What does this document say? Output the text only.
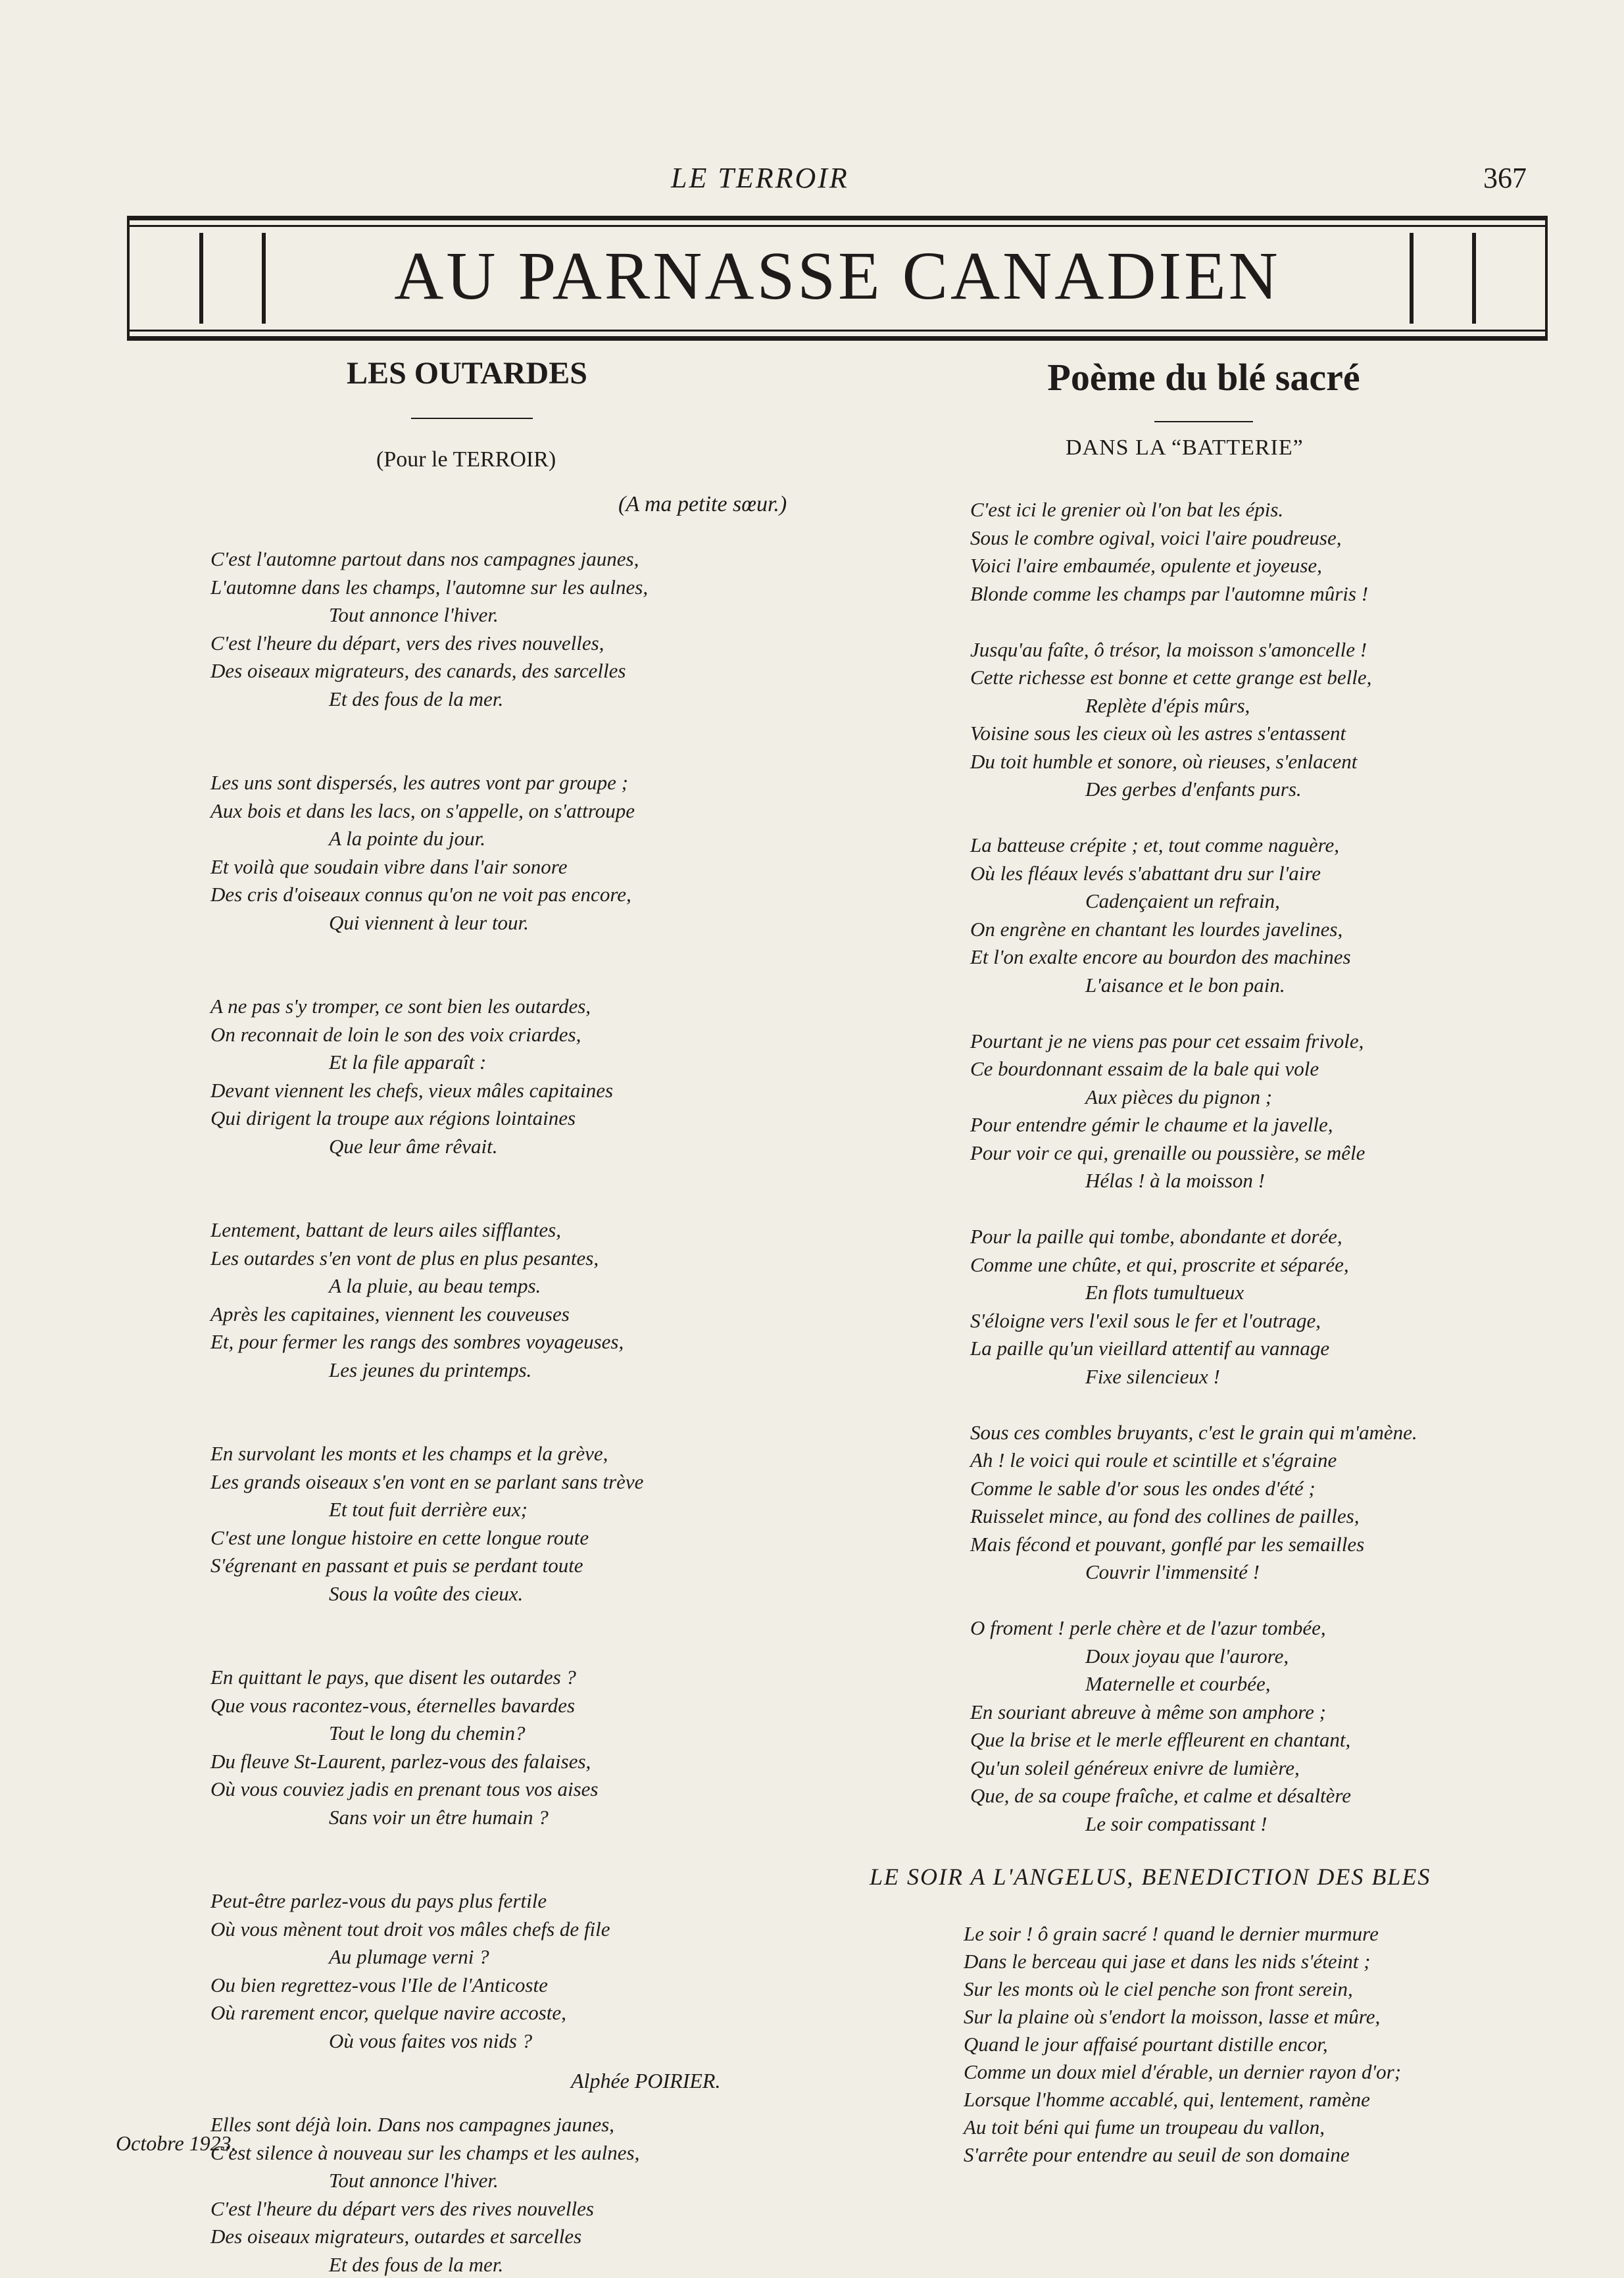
LE TERROIR	367
AU PARNASSE CANADIEN
LES OUTARDES
(Pour le TERROIR)
(A ma petite sœur.)
C'est l'automne partout dans nos campagnes jaunes,
L'automne dans les champs, l'automne sur les aulnes,
Tout annonce l'hiver.
C'est l'heure du départ, vers des rives nouvelles,
Des oiseaux migrateurs, des canards, des sarcelles
Et des fous de la mer.
Les uns sont dispersés, les autres vont par groupe ;
Aux bois et dans les lacs, on s'appelle, on s'attroupe
A la pointe du jour.
Et voilà que soudain vibre dans l'air sonore
Des cris d'oiseaux connus qu'on ne voit pas encore,
Qui viennent à leur tour.
A ne pas s'y tromper, ce sont bien les outardes,
On reconnait de loin le son des voix criardes,
Et la file apparaît :
Devant viennent les chefs, vieux mâles capitaines
Qui dirigent la troupe aux régions lointaines
Que leur âme rêvait.
Lentement, battant de leurs ailes sifflantes,
Les outardes s'en vont de plus en plus pesantes,
A la pluie, au beau temps.
Après les capitaines, viennent les couveuses
Et, pour fermer les rangs des sombres voyageuses,
Les jeunes du printemps.
En survolant les monts et les champs et la grève,
Les grands oiseaux s'en vont en se parlant sans trève
Et tout fuit derrière eux;
C'est une longue histoire en cette longue route
S'égrenant en passant et puis se perdant toute
Sous la voûte des cieux.
En quittant le pays, que disent les outardes ?
Que vous racontez-vous, éternelles bavardes
Tout le long du chemin?
Du fleuve St-Laurent, parlez-vous des falaises,
Où vous couviez jadis en prenant tous vos aises
Sans voir un être humain ?
Peut-être parlez-vous du pays plus fertile
Où vous mènent tout droit vos mâles chefs de file
Au plumage verni ?
Ou bien regrettez-vous l'Ile de l'Anticoste
Où rarement encor, quelque navire accoste,
Où vous faites vos nids ?
Elles sont déjà loin. Dans nos campagnes jaunes,
C'est silence à nouveau sur les champs et les aulnes,
Tout annonce l'hiver.
C'est l'heure du départ vers des rives nouvelles
Des oiseaux migrateurs, outardes et sarcelles
Et des fous de la mer.
Alphée POIRIER.
Octobre 1923.
Poème du blé sacré
DANS LA “BATTERIE”
C'est ici le grenier où l'on bat les épis.
Sous le combre ogival, voici l'aire poudreuse,
Voici l'aire embaumée, opulente et joyeuse,
Blonde comme les champs par l'automne mûris !
Jusqu'au faîte, ô trésor, la moisson s'amoncelle !
Cette richesse est bonne et cette grange est belle,
Replète d'épis mûrs,
Voisine sous les cieux où les astres s'entassent
Du toit humble et sonore, où rieuses, s'enlacent
Des gerbes d'enfants purs.
La batteuse crépite ; et, tout comme naguère,
Où les fléaux levés s'abattant dru sur l'aire
Cadençaient un refrain,
On engrène en chantant les lourdes javelines,
Et l'on exalte encore au bourdon des machines
L'aisance et le bon pain.
Pourtant je ne viens pas pour cet essaim frivole,
Ce bourdonnant essaim de la bale qui vole
Aux pièces du pignon ;
Pour entendre gémir le chaume et la javelle,
Pour voir ce qui, grenaille ou poussière, se mêle
Hélas ! à la moisson !
Pour la paille qui tombe, abondante et dorée,
Comme une chûte, et qui, proscrite et séparée,
En flots tumultueux
S'éloigne vers l'exil sous le fer et l'outrage,
La paille qu'un vieillard attentif au vannage
Fixe silencieux !
Sous ces combles bruyants, c'est le grain qui m'amène.
Ah ! le voici qui roule et scintille et s'égraine
Comme le sable d'or sous les ondes d'été ;
Ruisselet mince, au fond des collines de pailles,
Mais fécond et pouvant, gonflé par les semailles
Couvrir l'immensité !
O froment ! perle chère et de l'azur tombée,
Doux joyau que l'aurore,
Maternelle et courbée,
En souriant abreuve à même son amphore ;
Que la brise et le merle effleurent en chantant,
Qu'un soleil généreux enivre de lumière,
Que, de sa coupe fraîche, et calme et désaltère
Le soir compatissant !
LE SOIR A L'ANGELUS, BENEDICTION DES BLES
Le soir ! ô grain sacré ! quand le dernier murmure
Dans le berceau qui jase et dans les nids s'éteint ;
Sur les monts où le ciel penche son front serein,
Sur la plaine où s'endort la moisson, lasse et mûre,
Quand le jour affaisé pourtant distille encor,
Comme un doux miel d'érable, un dernier rayon d'or;
Lorsque l'homme accablé, qui, lentement, ramène
Au toit béni qui fume un troupeau du vallon,
S'arrête pour entendre au seuil de son domaine
